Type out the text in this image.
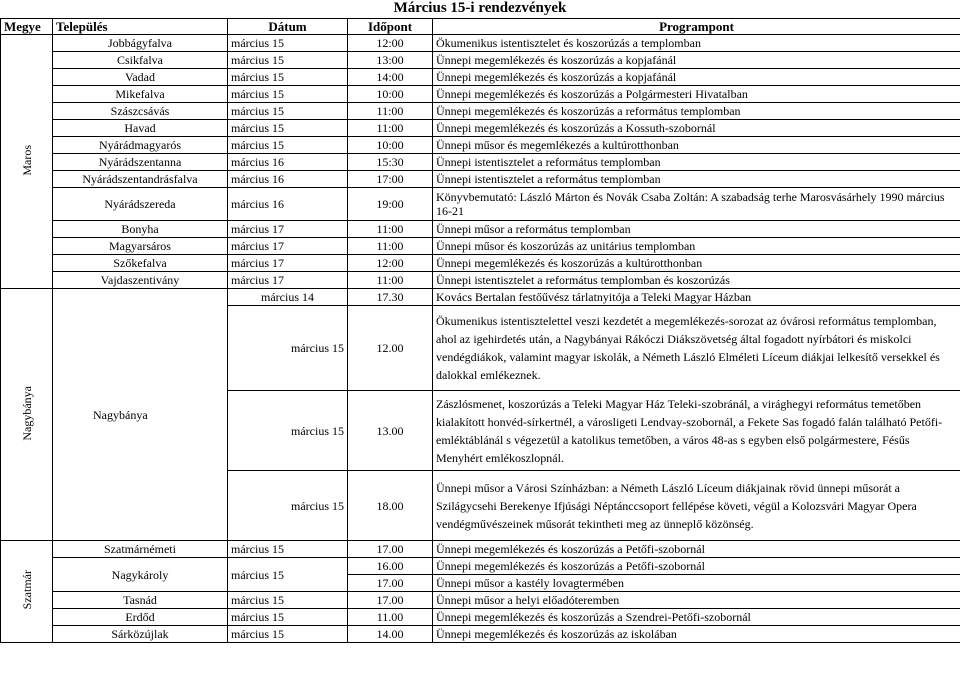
Március 15-i rendezvények
Megye	Település	Dátum	Időpont	Programpont
Maros	Jobbágyfalva	március 15	12:00	Ökumenikus istentisztelet és koszorúzás a templomban
	Csikfalva	március 15	13:00	Ünnepi megemlékezés és koszorúzás a kopjafánál
	Vadad	március 15	14:00	Ünnepi megemlékezés és koszorúzás a kopjafánál
	Mikefalva	március 15	10:00	Ünnepi megemlékezés és koszorúzás a Polgármesteri Hivatalban
	Szászcsávás	március 15	11:00	Ünnepi megemlékezés és koszorúzás a református templomban
	Havad	március 15	11:00	Ünnepi megemlékezés és koszorúzás a Kossuth-szobornál
	Nyárádmagyarós	március 15	10:00	Ünnepi műsor és megemlékezés a kultúrotthonban
	Nyárádszentanna	március 16	15:30	Ünnepi istentisztelet a református templomban
	Nyárádszentandrásfalva	március 16	17:00	Ünnepi istentisztelet a református templomban
	Nyárádszereda	március 16	19:00	Könyvbemutató: László Márton és Novák Csaba Zoltán: A szabadság terhe Marosvásárhely 1990 március 16-21
	Bonyha	március 17	11:00	Ünnepi műsor a református templomban
	Magyarsáros	március 17	11:00	Ünnepi műsor és koszorúzás az unitárius templomban
	Szőkefalva	március 17	12:00	Ünnepi megemlékezés és koszorúzás a kultúrotthonban
	Vajdaszentivány	március 17	11:00	Ünnepi istentisztelet a református templomban és koszorúzás
Nagybánya	Nagybánya	március 14	17.30	Kovács Bertalan festőűvész tárlatnyitója a Teleki Magyar Házban
		március 15	12.00	Ökumenikus istentisztelettel veszi kezdetét a megemlékezés-sorozat az óvárosi református templomban, ahol az igehirdetés után, a Nagybányai Rákóczi Diákszövetség által fogadott nyírbátori és miskolci vendégdiákok, valamint magyar iskolák, a Németh László Elméleti Líceum diákjai lelkesítő versekkel és dalokkal emlékeznek.
		március 15	13.00	Zászlósmenet, koszorúzás a Teleki Magyar Ház Teleki-szobránál, a virághegyi református temetőben kialakított honvéd-sírkertnél, a városligeti Lendvay-szobornál, a Fekete Sas fogadó falán található Petőfi-emléktáblánál s végezetül a katolikus temetőben, a város 48-as s egyben első polgármestere, Fésűs Menyhért emlékoszlopnál.
		március 15	18.00	Ünnepi műsor a Városi Színházban: a Németh László Líceum diákjainak rövid ünnepi műsorát a Szilágycsehi Berekenye Ifjúsági Néptánccsoport fellépése követi, végül a Kolozsvári Magyar Opera vendégművészeinek műsorát tekintheti meg az ünneplő közönség.
Szatmár	Szatmárnémeti	március 15	17.00	Ünnepi megemlékezés és koszorúzás a Petőfi-szobornál
	Nagykároly	március 15	16.00	Ünnepi megemlékezés és koszorúzás a Petőfi-szobornál
			17.00	Ünnepi műsor a kastély lovagtermében
	Tasnád	március 15	17.00	Ünnepi műsor a helyi előadóteremben
	Erdőd	március 15	11.00	Ünnepi megemlékezés és koszorúzás a Szendrei-Petőfi-szobornál
	Sárközújlak	március 15	14.00	Ünnepi megemlékezés és koszorúzás az iskolában
